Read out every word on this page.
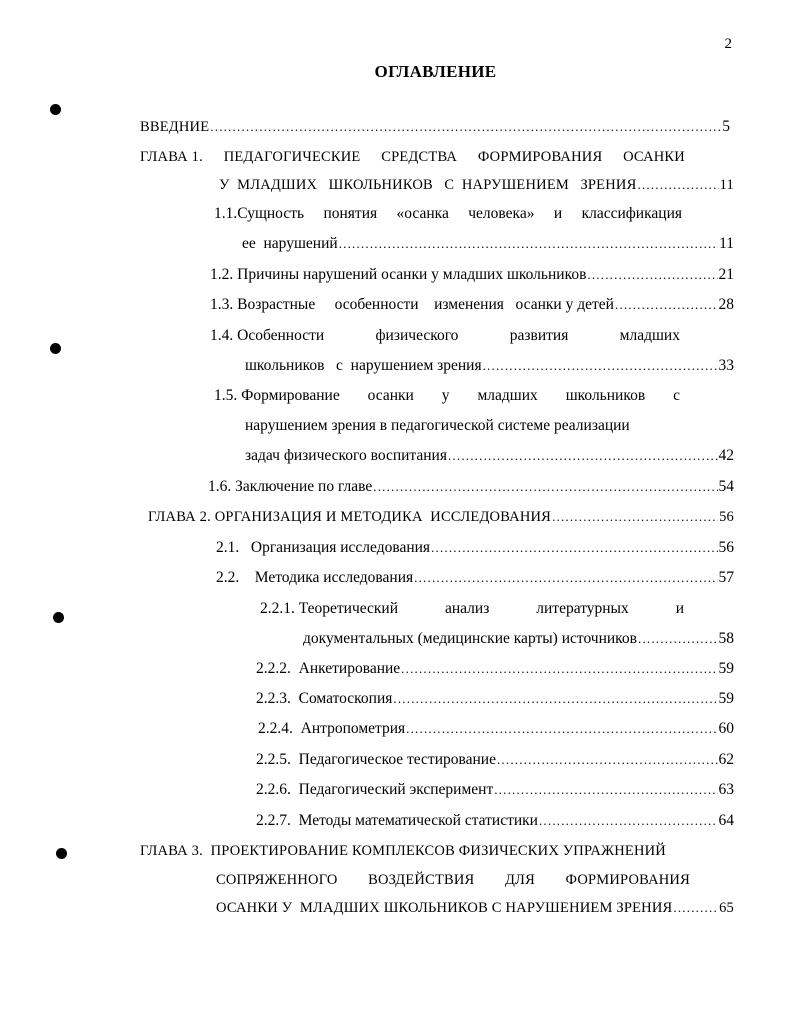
2
ОГЛАВЛЕНИЕ
ВВЕДНИЕ .....	5
ГЛАВА 1. ПЕДАГОГИЧЕСКИЕ СРЕДСТВА ФОРМИРОВАНИЯ ОСАНКИ
У  МЛАДШИХ   ШКОЛЬНИКОВ   С  НАРУШЕНИЕМ   ЗРЕНИЯ .....	11
1.1.Сущность понятия «осанка человека» и классификация
ее  нарушений .....	11
1.2. Причины нарушений осанки у младших школьников .....	21
1.3. Возрастные особенности изменения осанки у детей .....	28
1.4. Особенности	физического	развития	младших
школьников   с  нарушением зрения .....	33
1.5. Формирование осанки у младших школьников с
нарушением зрения в педагогической системе реализации
задач физического воспитания .....	42
1.6. Заключение по главе .....	54
ГЛАВА 2. ОРГАНИЗАЦИЯ И МЕТОДИКА  ИССЛЕДОВАНИЯ .....	56
2.1.   Организация исследования .....	56
2.2.    Методика исследования .....	57
2.2.1. Теоретический	анализ	литературных	и
документальных (медицинские карты) источников .....	58
2.2.2.  Анкетирование .....	59
2.2.3.  Соматоскопия .....	59
2.2.4.  Антропометрия .....	60
2.2.5.  Педагогическое тестирование .....	62
2.2.6.  Педагогический эксперимент .....	63
2.2.7.  Методы математической статистики .....	64
ГЛАВА 3.  ПРОЕКТИРОВАНИЕ КОМПЛЕКСОВ ФИЗИЧЕСКИХ УПРАЖНЕНИЙ
СОПРЯЖЕННОГО ВОЗДЕЙСТВИЯ ДЛЯ ФОРМИРОВАНИЯ
ОСАНКИ У  МЛАДШИХ ШКОЛЬНИКОВ С НАРУШЕНИЕМ ЗРЕНИЯ .....	65
